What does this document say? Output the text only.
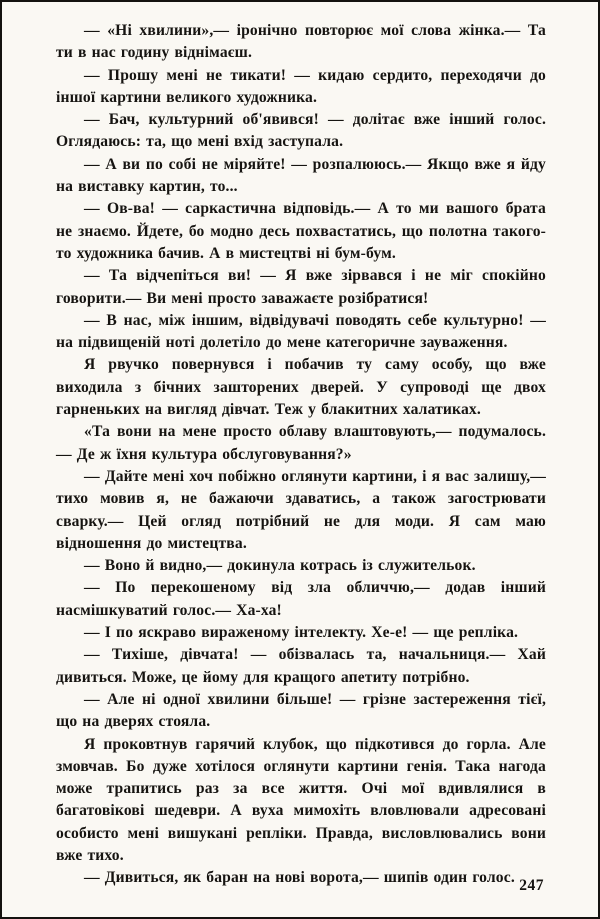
— «Ні хвилини»,— іронічно повторює мої слова жінка.— Та ти в нас годину віднімаєш.

— Прошу мені не тикати! — кидаю сердито, переходячи до іншої картини великого художника.

— Бач, культурний об'явився! — долітає вже інший голос. Оглядаюсь: та, що мені вхід заступала.

— А ви по собі не міряйте! — розпалююсь.— Якщо вже я йду на виставку картин, то...

— Ов-ва! — саркастична відповідь.— А то ми вашого брата не знаємо. Йдете, бо модно десь похвастатись, що полотна такого-то художника бачив. А в мистецтві ні бум-бум.

— Та відчепіться ви! — Я вже зірвався і не міг спокійно говорити.— Ви мені просто заважаєте розібратися!

— В нас, між іншим, відвідувачі поводять себе культурно! — на підвищеній ноті долетіло до мене категоричне зауваження.

Я рвучко повернувся і побачив ту саму особу, що вже виходила з бічних зашторених дверей. У супроводі ще двох гарненьких на вигляд дівчат. Теж у блакитних халатиках.

«Та вони на мене просто облаву влаштовують,— подумалось.— Де ж їхня культура обслуговування?»

— Дайте мені хоч побіжно оглянути картини, і я вас залишу,— тихо мовив я, не бажаючи здаватись, а також загострювати сварку.— Цей огляд потрібний не для моди. Я сам маю відношення до мистецтва.

— Воно й видно,— докинула котрась із служительок.

— По перекошеному від зла обличчю,— додав інший насмішкуватий голос.— Ха-ха!

— І по яскраво вираженому інтелекту. Хе-е! — ще репліка.

— Тихіше, дівчата! — обізвалась та, начальниця.— Хай дивиться. Може, це йому для кращого апетиту потрібно.

— Але ні одної хвилини більше! — грізне застереження тієї, що на дверях стояла.

Я проковтнув гарячий клубок, що підкотився до горла. Але змовчав. Бо дуже хотілося оглянути картини генія. Така нагода може трапитись раз за все життя. Очі мої вдивлялися в багатовікові шедеври. А вуха мимохіть вловлювали адресовані особисто мені вишукані репліки. Правда, висловлювались вони вже тихо.

— Дивиться, як баран на нові ворота,— шипів один голос. 247
